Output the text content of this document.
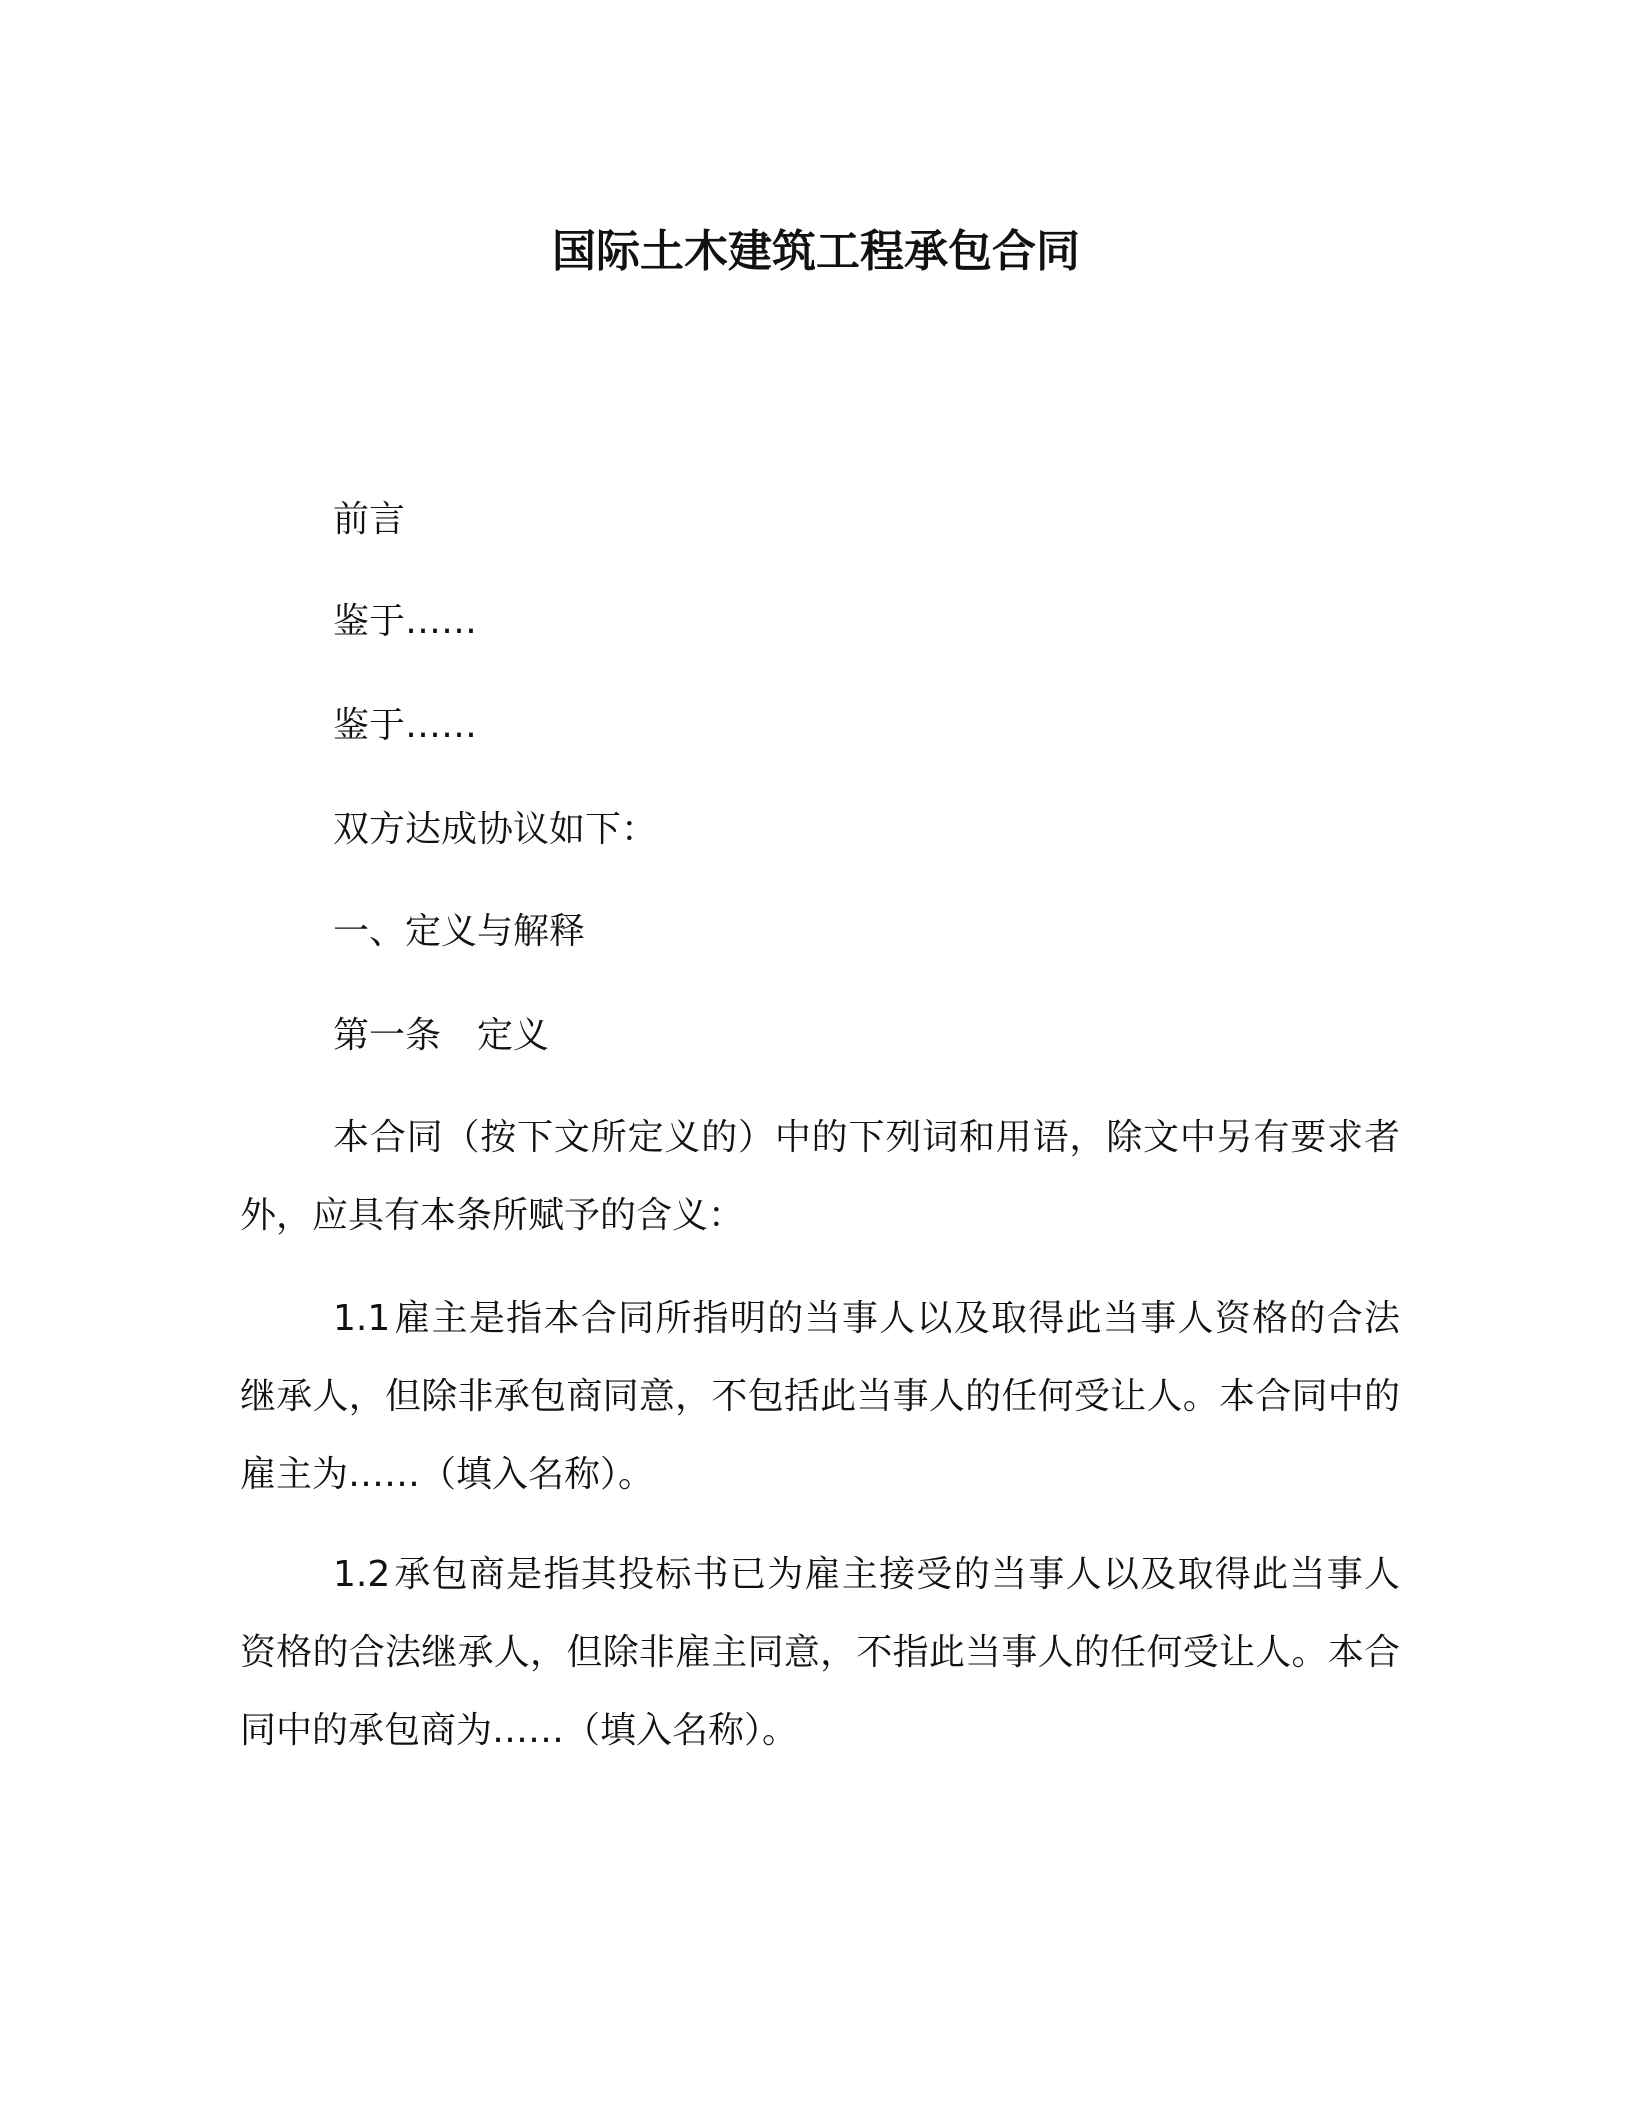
国际土木建筑工程承包合同
前言
鉴于……
鉴于……
双方达成协议如下：
一、定义与解释
第一条　定义
本合同（按下文所定义的）中的下列词和用语，除文中另有要求者外，应具有本条所赋予的含义：
1.1雇主是指本合同所指明的当事人以及取得此当事人资格的合法继承人，但除非承包商同意，不包括此当事人的任何受让人。本合同中的雇主为……（填入名称）。
1.2承包商是指其投标书已为雇主接受的当事人以及取得此当事人资格的合法继承人，但除非雇主同意，不指此当事人的任何受让人。本合同中的承包商为……（填入名称）。
